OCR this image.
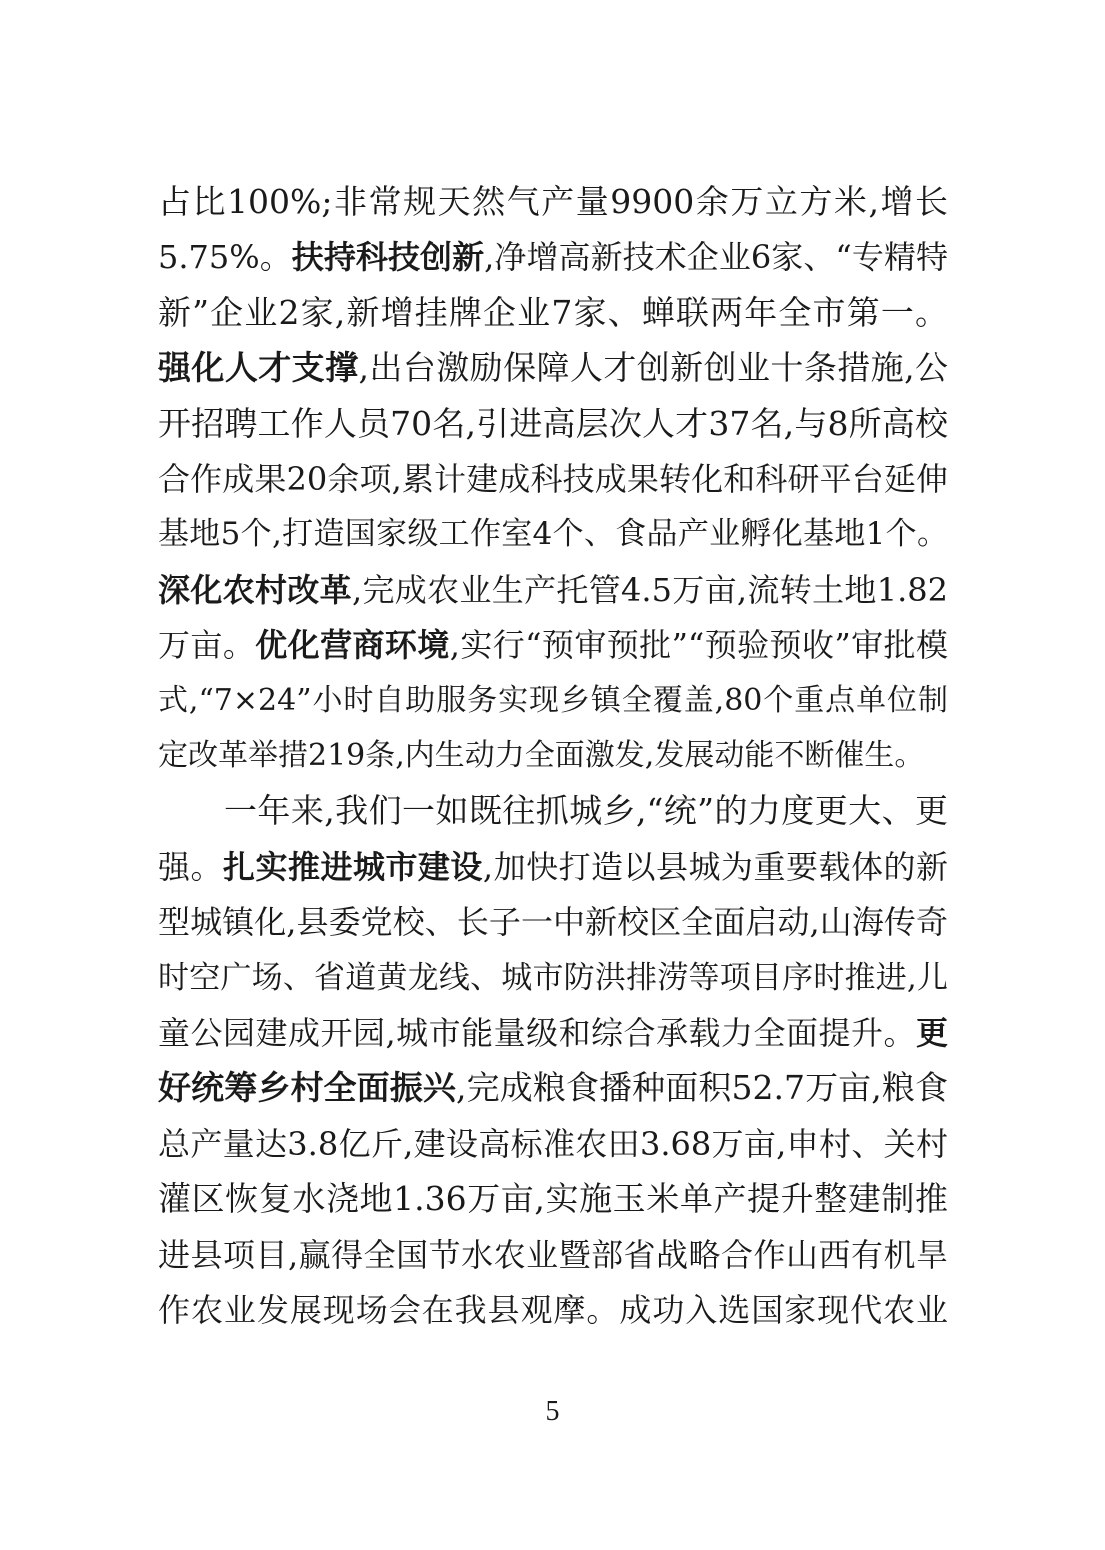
占比100%;非常规天然气产量9900余万立方米,增长
5.75%。扶持科技创新,净增高新技术企业6家、“专精特
新”企业2家,新增挂牌企业7家、蝉联两年全市第一。
强化人才支撑,出台激励保障人才创新创业十条措施,公
开招聘工作人员70名,引进高层次人才37名,与8所高校
合作成果20余项,累计建成科技成果转化和科研平台延伸
基地5个,打造国家级工作室4个、食品产业孵化基地1个。
深化农村改革,完成农业生产托管4.5万亩,流转土地1.82
万亩。优化营商环境,实行“预审预批”“预验预收”审批模
式,“7×24”小时自助服务实现乡镇全覆盖,80个重点单位制
定改革举措219条,内生动力全面激发,发展动能不断催生。
一年来,我们一如既往抓城乡,“统”的力度更大、更
强。扎实推进城市建设,加快打造以县城为重要载体的新
型城镇化,县委党校、长子一中新校区全面启动,山海传奇
时空广场、省道黄龙线、城市防洪排涝等项目序时推进,儿
童公园建成开园,城市能量级和综合承载力全面提升。更
好统筹乡村全面振兴,完成粮食播种面积52.7万亩,粮食
总产量达3.8亿斤,建设高标准农田3.68万亩,申村、关村
灌区恢复水浇地1.36万亩,实施玉米单产提升整建制推
进县项目,赢得全国节水农业暨部省战略合作山西有机旱
作农业发展现场会在我县观摩。成功入选国家现代农业
5
